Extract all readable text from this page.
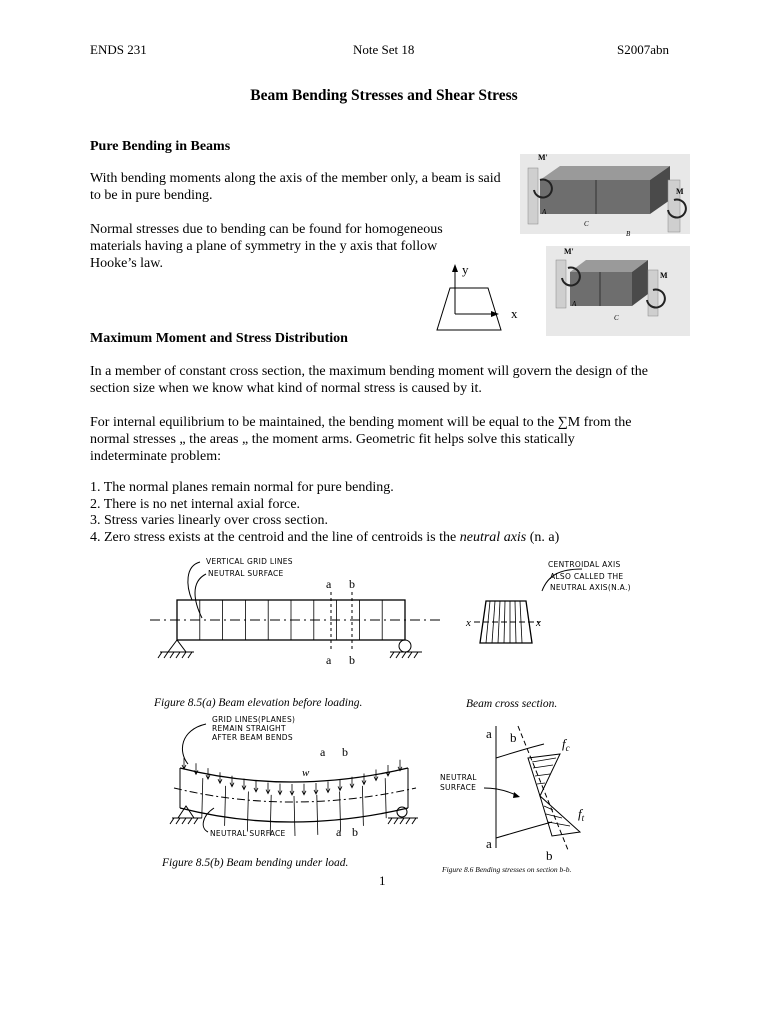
ENDS 231	Note Set 18	S2007abn
Beam Bending Stresses and Shear Stress
Pure Bending in Beams

With bending moments along the axis of the member only, a beam is said to be in pure bending.

Normal stresses due to bending can be found for homogeneous materials having a plane of symmetry in the y axis that follow Hooke’s law.	y
x
M'
M
A
C
B
M'
M
A
C
Maximum Moment and Stress Distribution

In a member of constant cross section, the maximum bending moment will govern the design of the section size when we know what kind of normal stress is caused by it.

For internal equilibrium to be maintained, the bending moment will be equal to the ∑M from the

normal stresses „ the areas „ the moment arms. Geometric fit helps solve this statically

indeterminate problem:

1. The normal planes remain normal for pure bending.
2. There is no net internal axial force.
3. Stress varies linearly over cross section.
4. Zero stress exists at the centroid and the line of centroids is the neutral axis (n. a)
VERTICAL GRID LINES
NEUTRAL SURFACE
a b
a b
Figure 8.5(a) Beam elevation before loading.
CENTROIDAL AXIS
ALSO CALLED THE
NEUTRAL AXIS(N.A.)
x	x
Beam cross section.
GRID LINES(PLANES)
REMAIN STRAIGHT
AFTER BEAM BENDS
a b
w
NEUTRAL SURFACE	a b
Figure 8.5(b) Beam bending under load.
a b
NEUTRAL
SURFACE
$f_c$
$f_t$
a
b
Figure 8.6 Bending stresses on section b-b.
1
